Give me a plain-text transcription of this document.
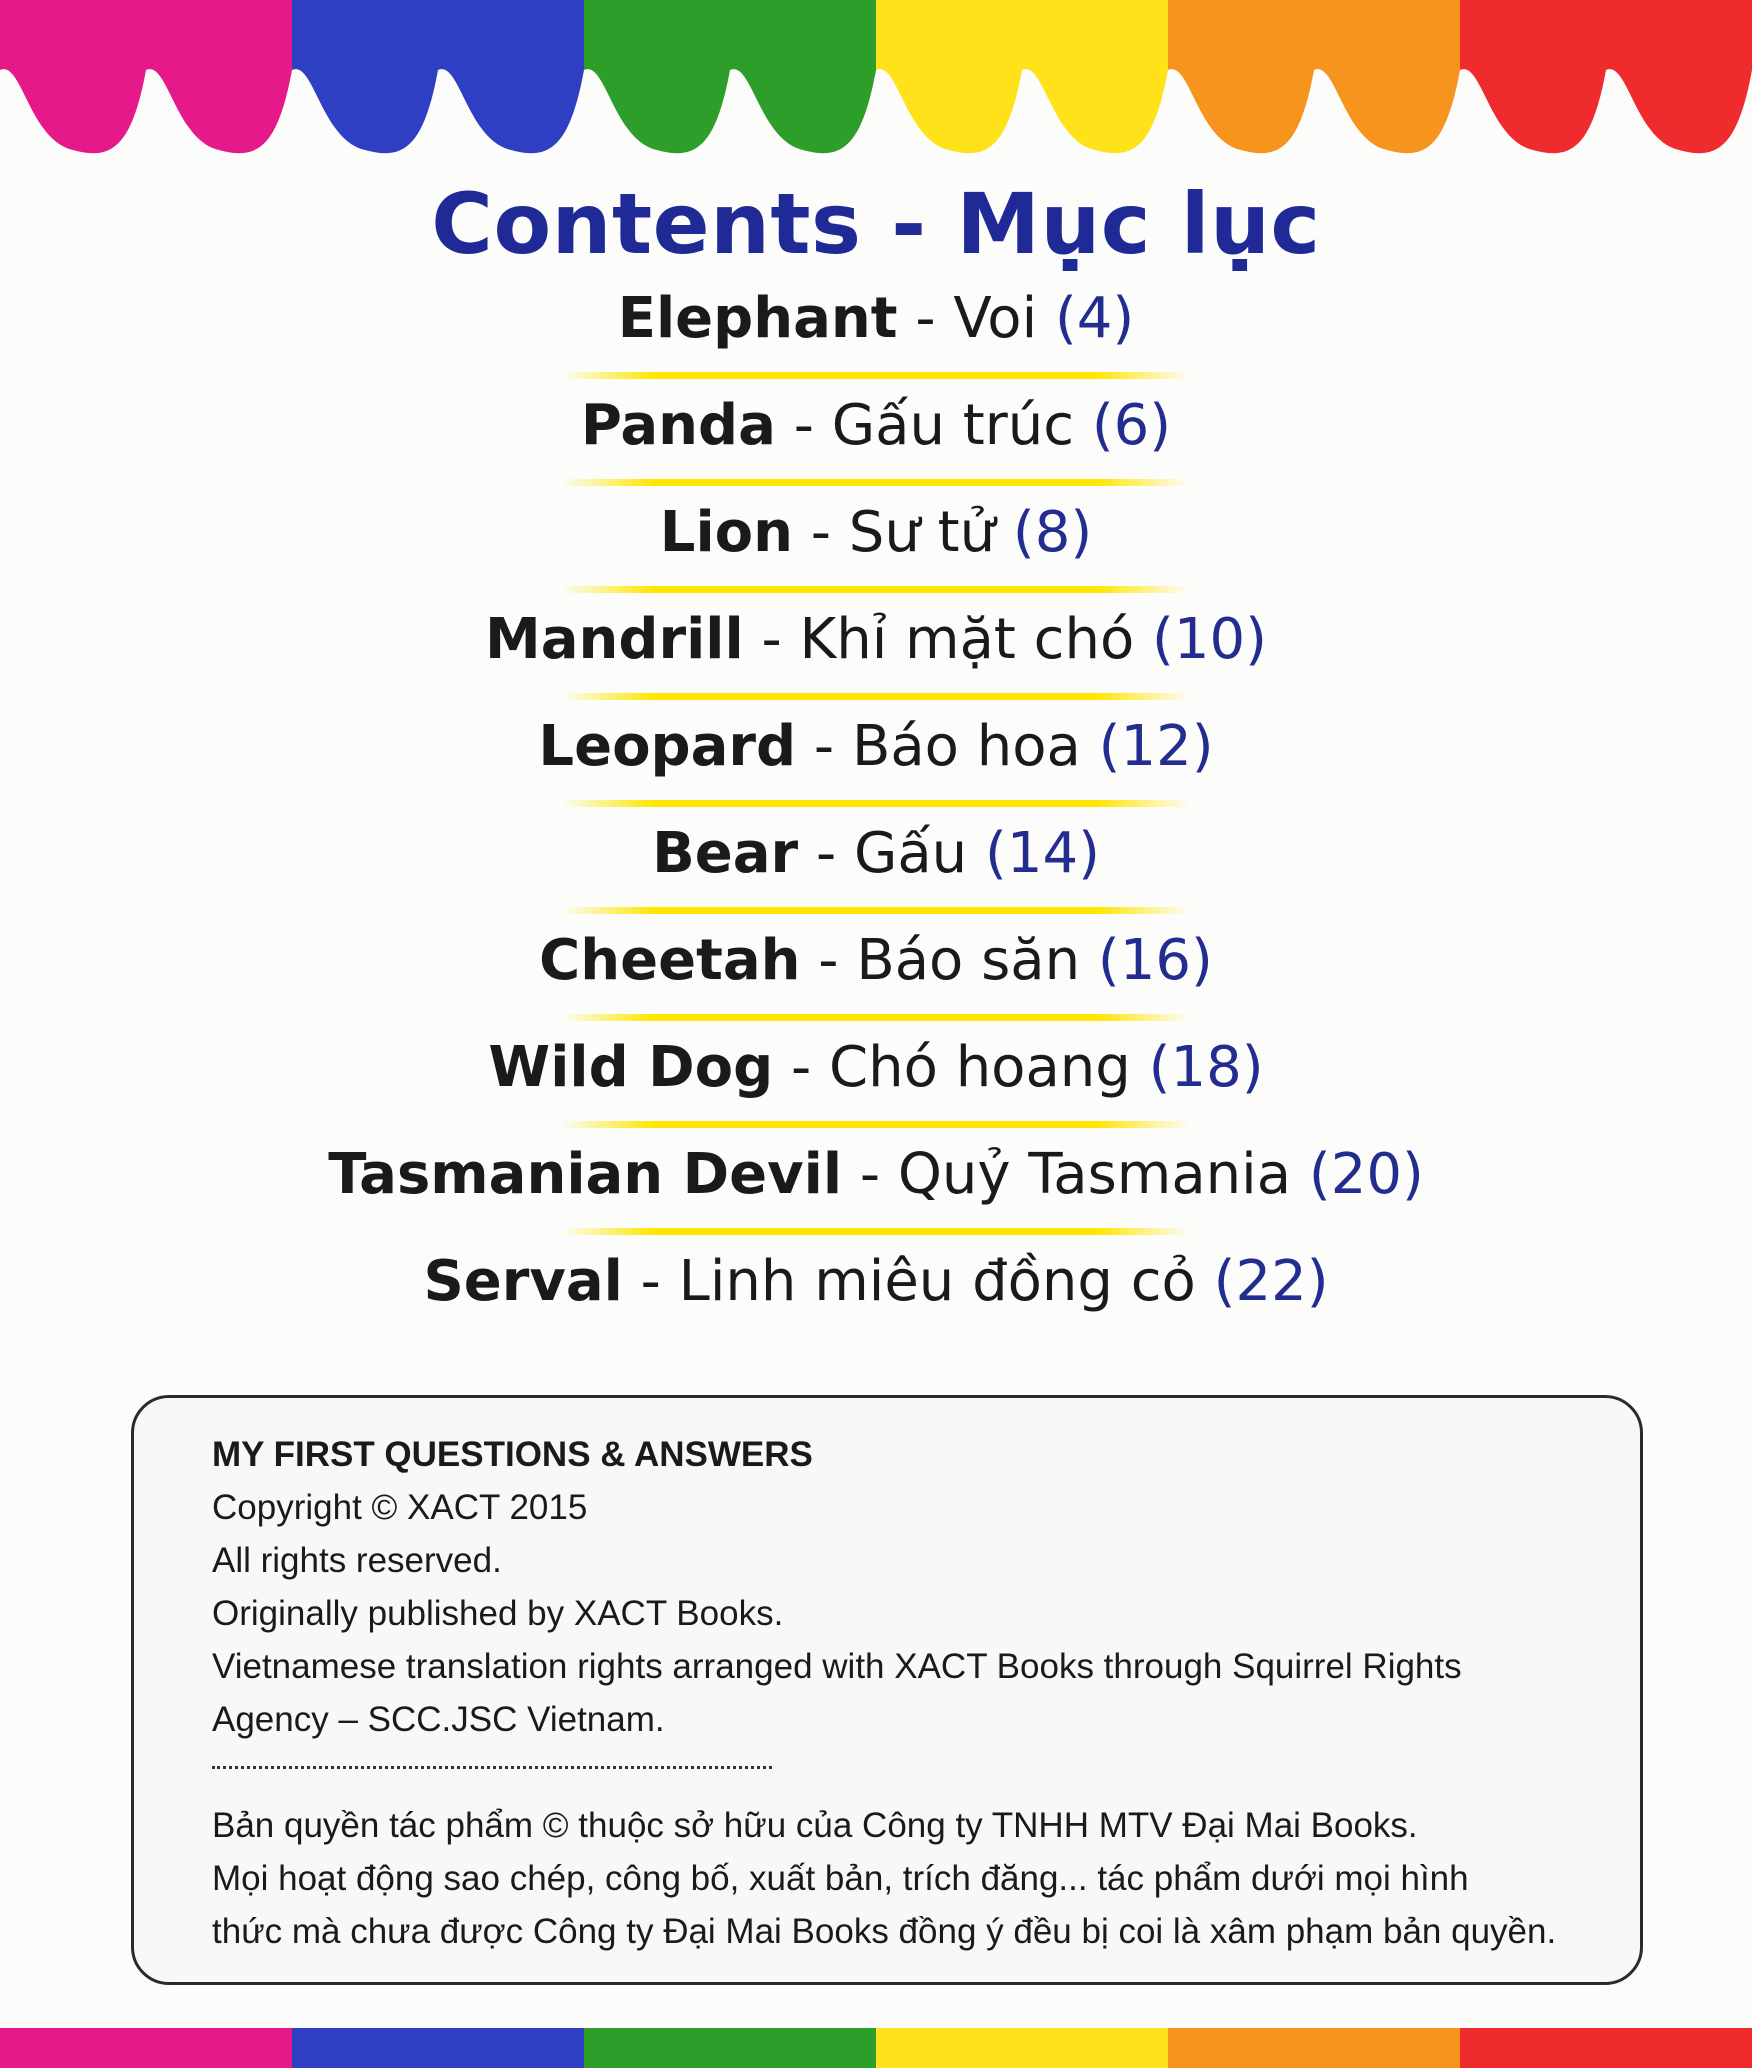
Contents - Mục lục
Elephant - Voi (4)
Panda - Gấu trúc (6)
Lion - Sư tử (8)
Mandrill - Khỉ mặt chó (10)
Leopard - Báo hoa (12)
Bear - Gấu (14)
Cheetah - Báo săn (16)
Wild Dog - Chó hoang (18)
Tasmanian Devil - Quỷ Tasmania (20)
Serval - Linh miêu đồng cỏ (22)
MY FIRST QUESTIONS & ANSWERS
Copyright © XACT 2015
All rights reserved.
Originally published by XACT Books.
Vietnamese translation rights arranged with XACT Books through Squirrel Rights
Agency – SCC.JSC Vietnam.
Bản quyền tác phẩm © thuộc sở hữu của Công ty TNHH MTV Đại Mai Books.
Mọi hoạt động sao chép, công bố, xuất bản, trích đăng... tác phẩm dưới mọi hình
thức mà chưa được Công ty Đại Mai Books đồng ý đều bị coi là xâm phạm bản quyền.
